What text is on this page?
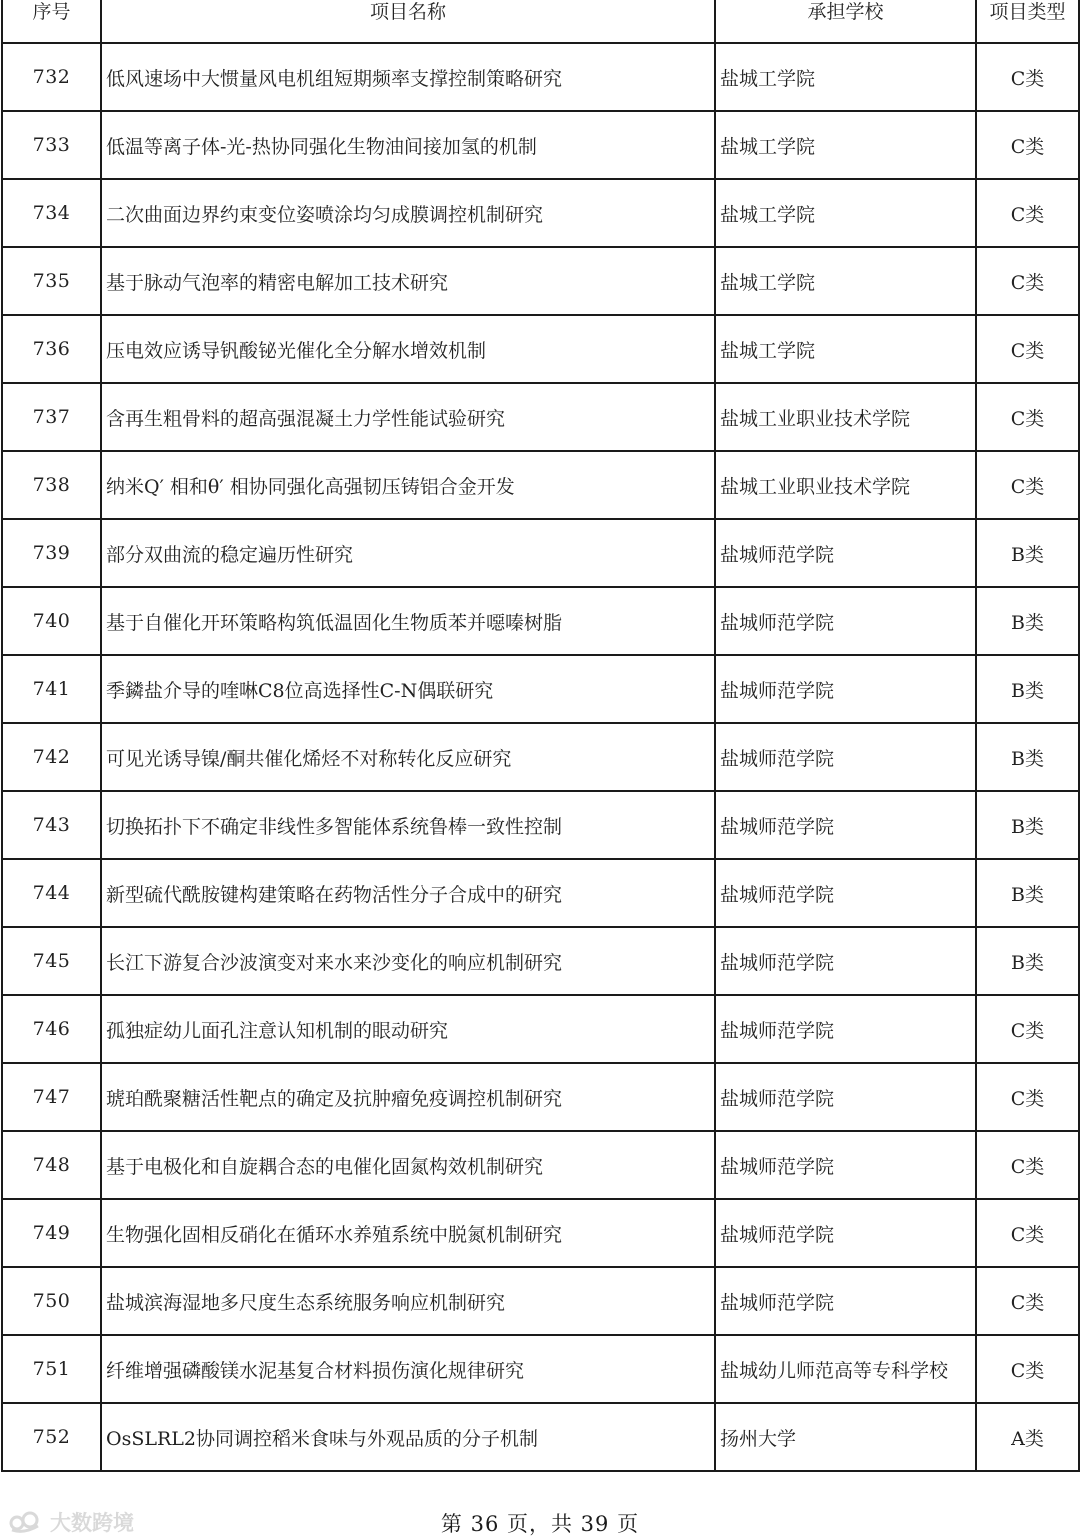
序号	项目名称	承担学校	项目类型
732	低风速场中大惯量风电机组短期频率支撑控制策略研究	盐城工学院	C类
733	低温等离子体-光-热协同强化生物油间接加氢的机制	盐城工学院	C类
734	二次曲面边界约束变位姿喷涂均匀成膜调控机制研究	盐城工学院	C类
735	基于脉动气泡率的精密电解加工技术研究	盐城工学院	C类
736	压电效应诱导钒酸铋光催化全分解水增效机制	盐城工学院	C类
737	含再生粗骨料的超高强混凝土力学性能试验研究	盐城工业职业技术学院	C类
738	纳米Q′ 相和θ′ 相协同强化高强韧压铸铝合金开发	盐城工业职业技术学院	C类
739	部分双曲流的稳定遍历性研究	盐城师范学院	B类
740	基于自催化开环策略构筑低温固化生物质苯并噁嗪树脂	盐城师范学院	B类
741	季鏻盐介导的喹啉C8位高选择性C-N偶联研究	盐城师范学院	B类
742	可见光诱导镍/酮共催化烯烃不对称转化反应研究	盐城师范学院	B类
743	切换拓扑下不确定非线性多智能体系统鲁棒一致性控制	盐城师范学院	B类
744	新型硫代酰胺键构建策略在药物活性分子合成中的研究	盐城师范学院	B类
745	长江下游复合沙波演变对来水来沙变化的响应机制研究	盐城师范学院	B类
746	孤独症幼儿面孔注意认知机制的眼动研究	盐城师范学院	C类
747	琥珀酰聚糖活性靶点的确定及抗肿瘤免疫调控机制研究	盐城师范学院	C类
748	基于电极化和自旋耦合态的电催化固氮构效机制研究	盐城师范学院	C类
749	生物强化固相反硝化在循环水养殖系统中脱氮机制研究	盐城师范学院	C类
750	盐城滨海湿地多尺度生态系统服务响应机制研究	盐城师范学院	C类
751	纤维增强磷酸镁水泥基复合材料损伤演化规律研究	盐城幼儿师范高等专科学校	C类
752	OsSLRL2协同调控稻米食味与外观品质的分子机制	扬州大学	A类
大数跨境	第 36 页，共 39 页
